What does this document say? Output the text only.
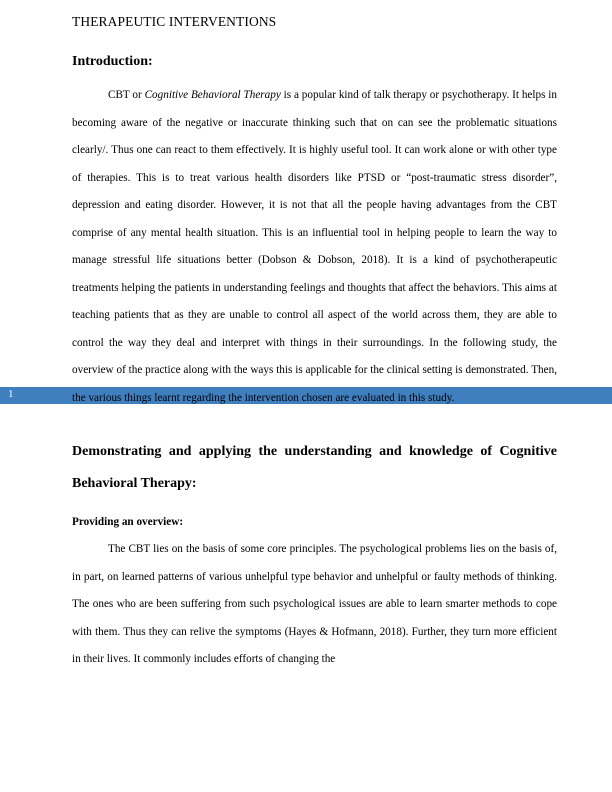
1
THERAPEUTIC INTERVENTIONS

Introduction:

CBT or Cognitive Behavioral Therapy is a popular kind of talk therapy or psychotherapy. It helps in becoming aware of the negative or inaccurate thinking such that on can see the problematic situations clearly/. Thus one can react to them effectively. It is highly useful tool. It can work alone or with other type of therapies. This is to treat various health disorders like PTSD or “post-traumatic stress disorder”, depression and eating disorder. However, it is not that all the people having advantages from the CBT comprise of any mental health situation. This is an influential tool in helping people to learn the way to manage stressful life situations better (Dobson & Dobson, 2018). It is a kind of psychotherapeutic treatments helping the patients in understanding feelings and thoughts that affect the behaviors. This aims at teaching patients that as they are unable to control all aspect of the world across them, they are able to control the way they deal and interpret with things in their surroundings. In the following study, the overview of the practice along with the ways this is applicable for the clinical setting is demonstrated. Then, the various things learnt regarding the intervention chosen are evaluated in this study.

Demonstrating and applying the understanding and knowledge of Cognitive Behavioral Therapy:

Providing an overview:

The CBT lies on the basis of some core principles. The psychological problems lies on the basis of, in part, on learned patterns of various unhelpful type behavior and unhelpful or faulty methods of thinking. The ones who are been suffering from such psychological issues are able to learn smarter methods to cope with them. Thus they can relive the symptoms (Hayes & Hofmann, 2018). Further, they turn more efficient in their lives. It commonly includes efforts of changing the
